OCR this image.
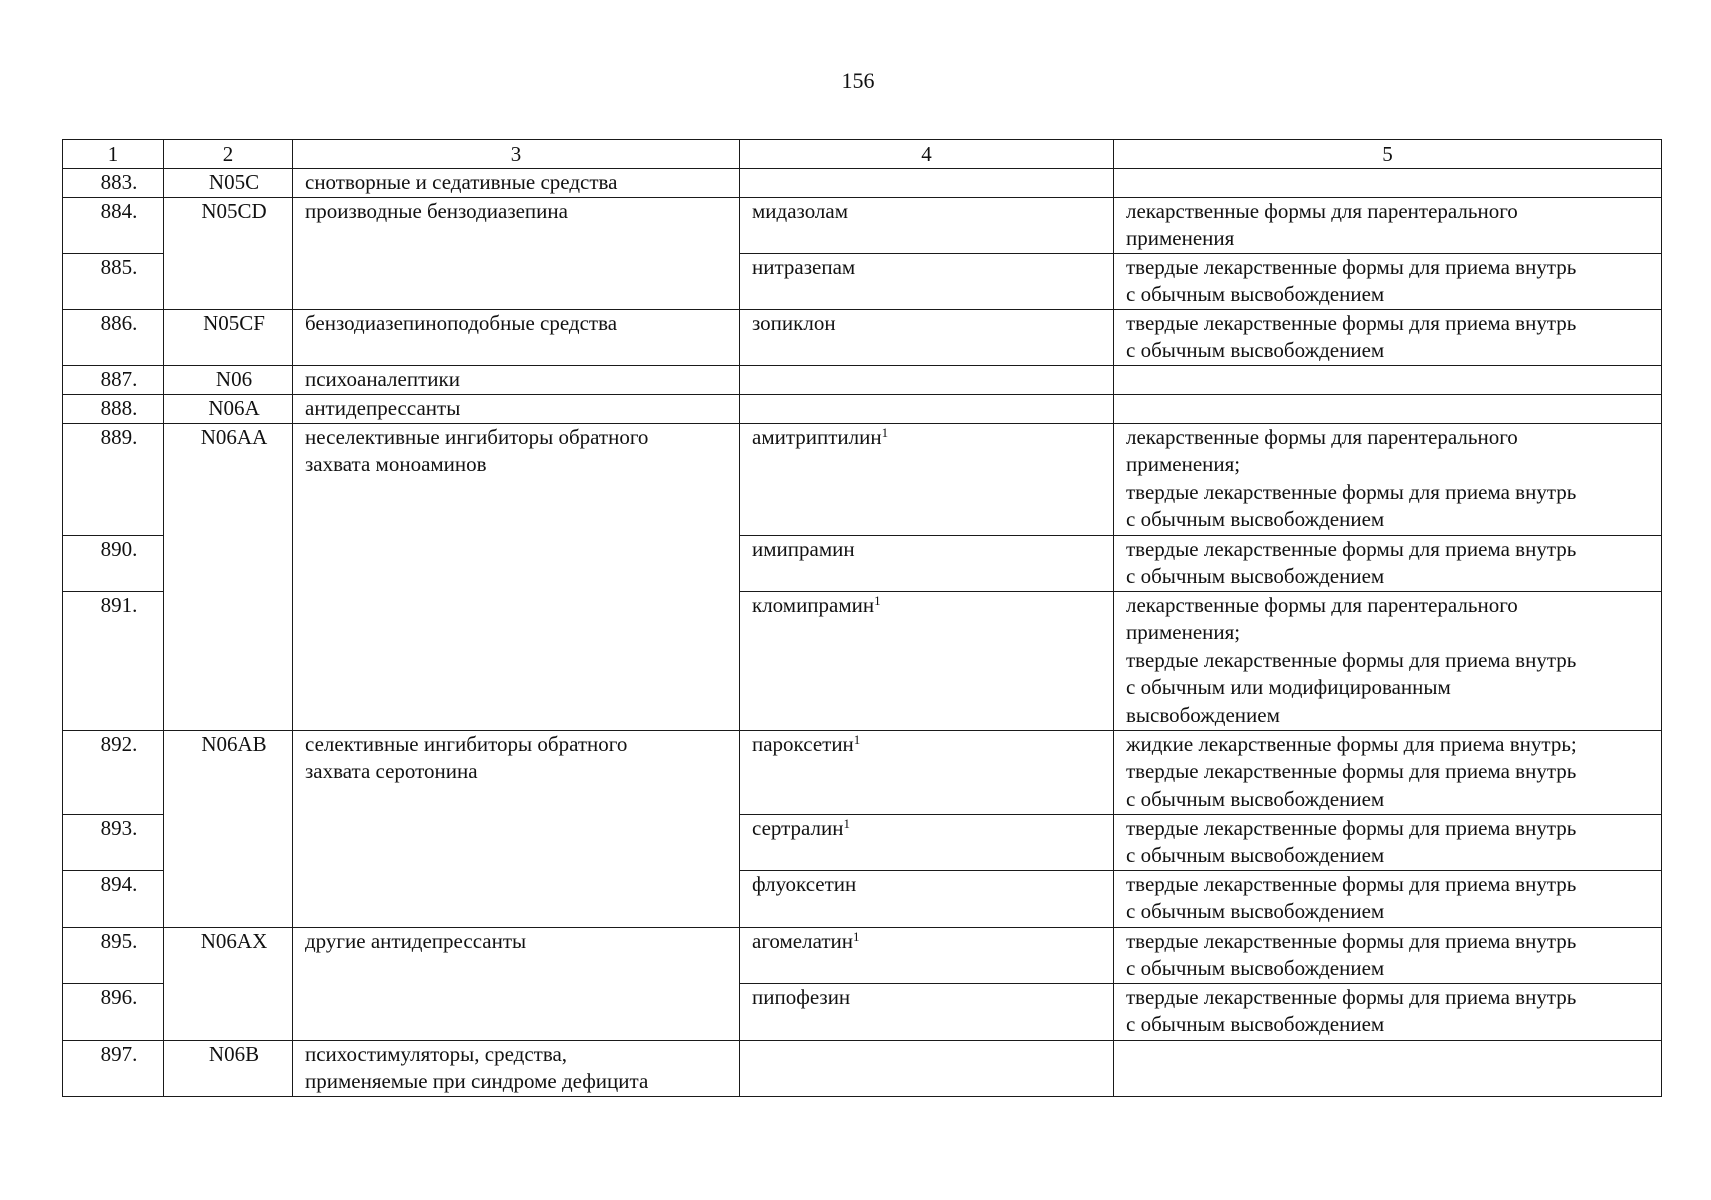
156
1	2	3	4	5
883.	N05C	снотворные и седативные средства		
884.	N05CD	производные бензодиазепина	мидазолам	лекарственные формы для парентерального
применения

885.			нитразепам	твердые лекарственные формы для приема внутрь
с обычным высвобождением

886.	N05CF	бензодиазепиноподобные средства	зопиклон	твердые лекарственные формы для приема внутрь
с обычным высвобождением

887.	N06	психоаналептики		
888.	N06A	антидепрессанты		
889.	N06AA	неселективные ингибиторы обратного
захвата моноаминов	амитриптилин$^1$	лекарственные формы для парентерального
применения;
твердые лекарственные формы для приема внутрь
с обычным высвобождением

890.			имипрамин	твердые лекарственные формы для приема внутрь
с обычным высвобождением

891.			кломипрамин$^1$	лекарственные формы для парентерального
применения;
твердые лекарственные формы для приема внутрь
с обычным или модифицированным
высвобождением

892.	N06AB	селективные ингибиторы обратного
захвата серотонина	пароксетин$^1$	жидкие лекарственные формы для приема внутрь;
твердые лекарственные формы для приема внутрь
с обычным высвобождением

893.			сертралин$^1$	твердые лекарственные формы для приема внутрь
с обычным высвобождением

894.			флуоксетин	твердые лекарственные формы для приема внутрь
с обычным высвобождением

895.	N06AX	другие антидепрессанты	агомелатин$^1$	твердые лекарственные формы для приема внутрь
с обычным высвобождением

896.			пипофезин	твердые лекарственные формы для приема внутрь
с обычным высвобождением

897.	N06B	психостимуляторы, средства,
применяемые при синдроме дефицита		
